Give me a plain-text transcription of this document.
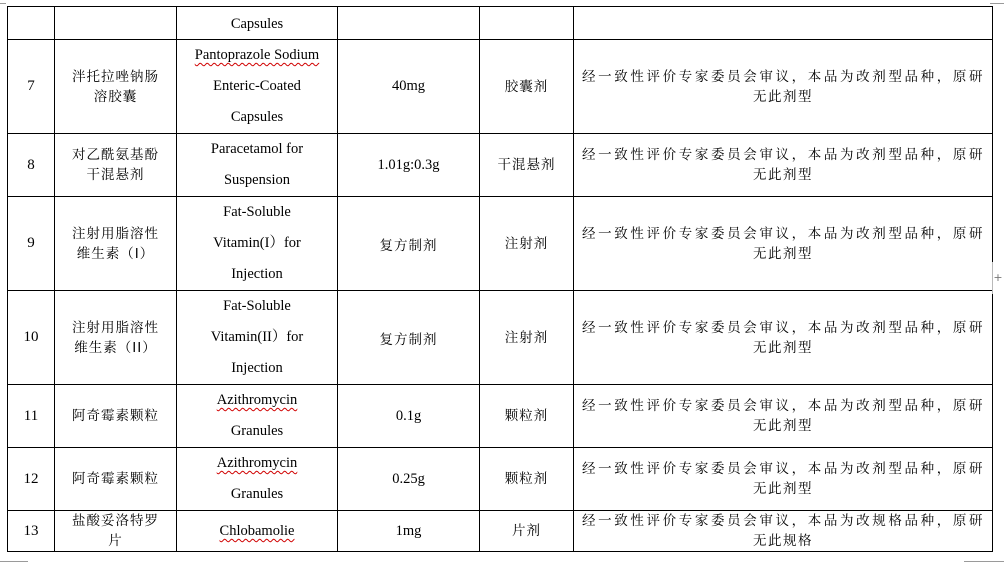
		Capsules			

7	泮托拉唑钠肠
溶胶囊	Pantoprazole Sodium
Enteric-Coated
Capsules	40mg	胶囊剂	经一致性评价专家委员会审议，本品为改剂型品种，原研
无此剂型

8	对乙酰氨基酚
干混悬剂	Paracetamol for
Suspension	1.01g:0.3g	干混悬剂	经一致性评价专家委员会审议，本品为改剂型品种，原研
无此剂型

9	注射用脂溶性
维生素（Ⅰ）	Fat-Soluble
Vitamin(I）for
Injection	复方制剂	注射剂	经一致性评价专家委员会审议，本品为改剂型品种，原研
无此剂型

10	注射用脂溶性
维生素（II）	Fat-Soluble
Vitamin(II）for
Injection	复方制剂	注射剂	经一致性评价专家委员会审议，本品为改剂型品种，原研
无此剂型

11	阿奇霉素颗粒	Azithromycin
Granules	0.1g	颗粒剂	经一致性评价专家委员会审议，本品为改剂型品种，原研
无此剂型

12	阿奇霉素颗粒	Azithromycin
Granules	0.25g	颗粒剂	经一致性评价专家委员会审议，本品为改剂型品种，原研
无此剂型

13	盐酸妥洛特罗
片	Chlobamolie	1mg	片剂	经一致性评价专家委员会审议，本品为改规格品种，原研
无此规格
+
